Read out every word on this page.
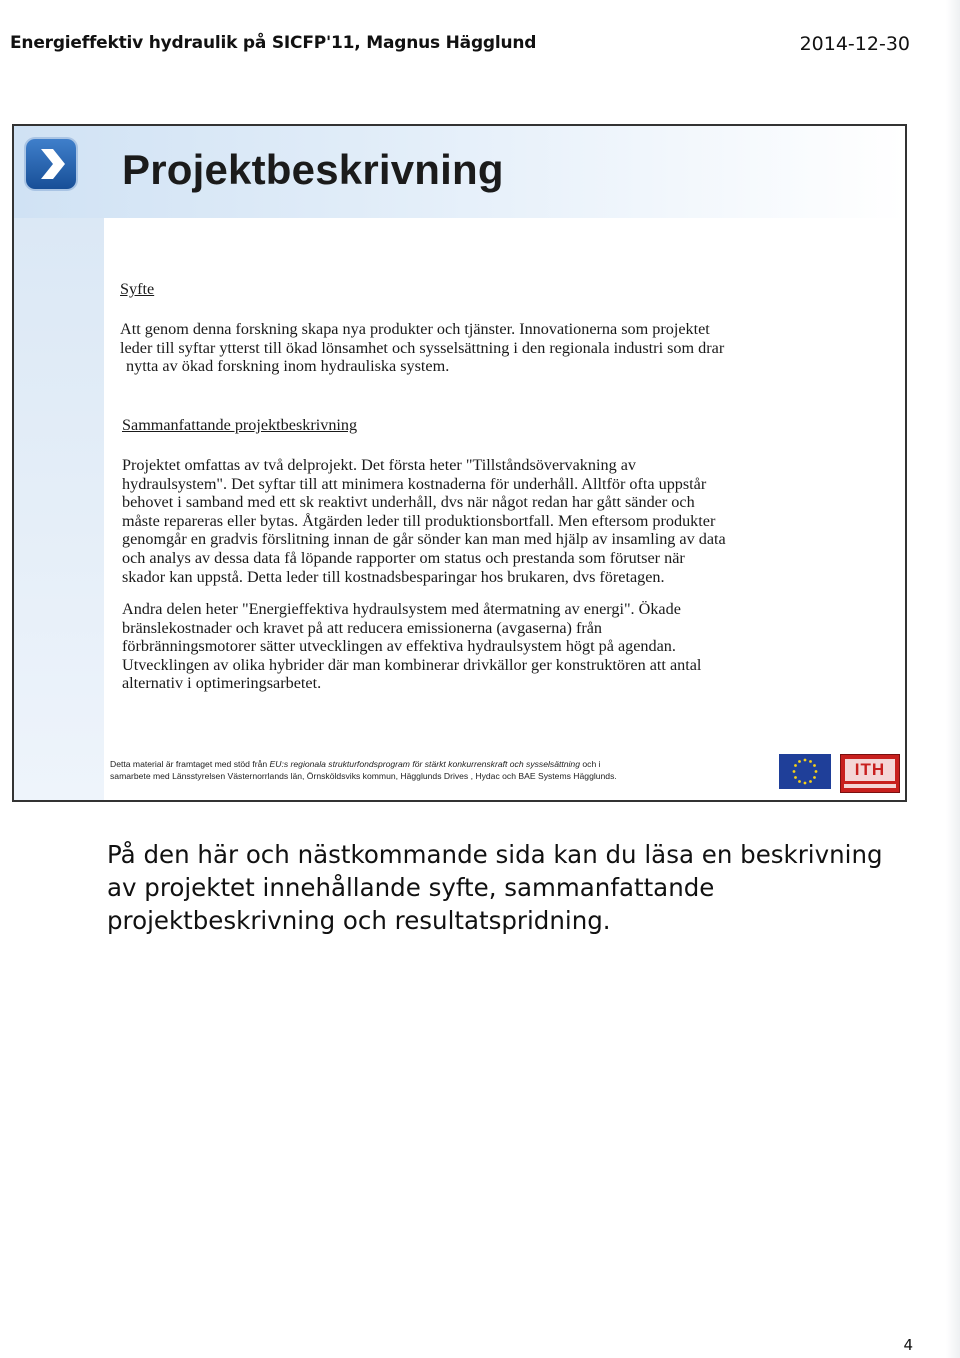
Energieffektiv hydraulik på SICFP'11, Magnus Hägglund	2014-12-30
Projektbeskrivning
Syfte
Att genom denna forskning skapa nya produkter och tjänster. Innovationerna som projektet
leder till syftar ytterst till ökad lönsamhet och sysselsättning i den regionala industri som drar
nytta av ökad forskning inom hydrauliska system.
Sammanfattande projektbeskrivning
Projektet omfattas av två delprojekt. Det första heter "Tillståndsövervakning av
hydraulsystem". Det syftar till att minimera kostnaderna för underhåll. Alltför ofta uppstår
behovet i samband med ett sk reaktivt underhåll, dvs när något redan har gått sänder och
måste repareras eller bytas. Åtgärden leder till produktionsbortfall. Men eftersom produkter
genomgår en gradvis förslitning innan de går sönder kan man med hjälp av insamling av data
och analys av dessa data få löpande rapporter om status och prestanda som förutser när
skador kan uppstå. Detta leder till kostnadsbesparingar hos brukaren, dvs företagen.
Andra delen heter "Energieffektiva hydraulsystem med återmatning av energi". Ökade
bränslekostnader och kravet på att reducera emissionerna (avgaserna) från
förbränningsmotorer sätter utvecklingen av effektiva hydraulsystem högt på agendan.
Utvecklingen av olika hybrider där man kombinerar drivkällor ger konstruktören att antal
alternativ i optimeringsarbetet.
Detta material är framtaget med stöd från EU:s regionala strukturfondsprogram för stärkt konkurrenskraft och sysselsättning och i
samarbete med Länsstyrelsen Västernorrlands län, Örnsköldsviks kommun, Hägglunds Drives , Hydac och BAE Systems Hägglunds.	ITH
På den här och nästkommande sida kan du läsa en beskrivning
av projektet innehållande syfte, sammanfattande
projektbeskrivning och resultatspridning.
4
